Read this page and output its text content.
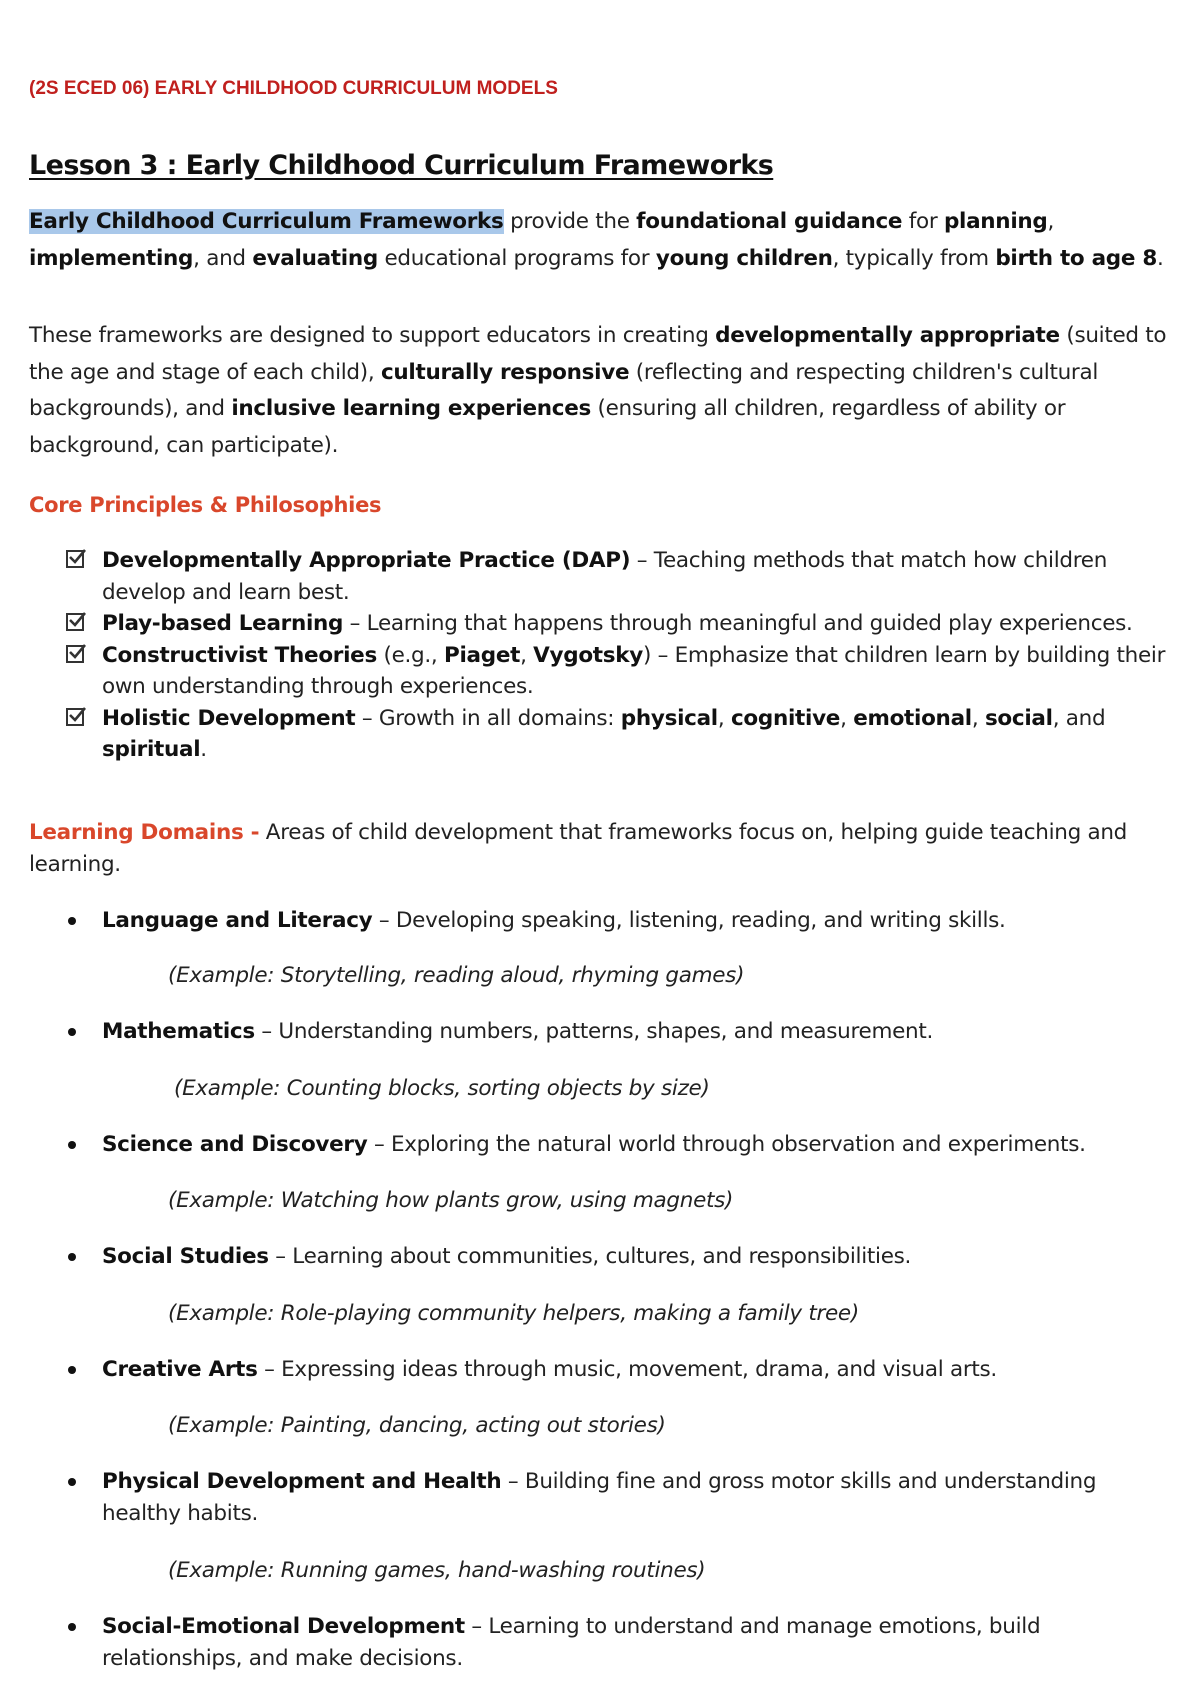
(2S ECED 06) EARLY CHILDHOOD CURRICULUM MODELS
Lesson 3 : Early Childhood Curriculum Frameworks
Early Childhood Curriculum Frameworks provide the foundational guidance for planning, implementing, and evaluating educational programs for young children, typically from birth to age 8.
These frameworks are designed to support educators in creating developmentally appropriate (suited to the age and stage of each child), culturally responsive (reflecting and respecting children's cultural backgrounds), and inclusive learning experiences (ensuring all children, regardless of ability or background, can participate).
Core Principles & Philosophies
Developmentally Appropriate Practice (DAP) – Teaching methods that match how children develop and learn best.
Play-based Learning – Learning that happens through meaningful and guided play experiences.
Constructivist Theories (e.g., Piaget, Vygotsky) – Emphasize that children learn by building their own understanding through experiences.
Holistic Development – Growth in all domains: physical, cognitive, emotional, social, and spiritual.
Learning Domains - Areas of child development that frameworks focus on, helping guide teaching and learning.
Language and Literacy – Developing speaking, listening, reading, and writing skills.
(Example: Storytelling, reading aloud, rhyming games)
Mathematics – Understanding numbers, patterns, shapes, and measurement.
(Example: Counting blocks, sorting objects by size)
Science and Discovery – Exploring the natural world through observation and experiments.
(Example: Watching how plants grow, using magnets)
Social Studies – Learning about communities, cultures, and responsibilities.
(Example: Role-playing community helpers, making a family tree)
Creative Arts – Expressing ideas through music, movement, drama, and visual arts.
(Example: Painting, dancing, acting out stories)
Physical Development and Health – Building fine and gross motor skills and understanding healthy habits.
(Example: Running games, hand-washing routines)
Social-Emotional Development – Learning to understand and manage emotions, build relationships, and make decisions.
